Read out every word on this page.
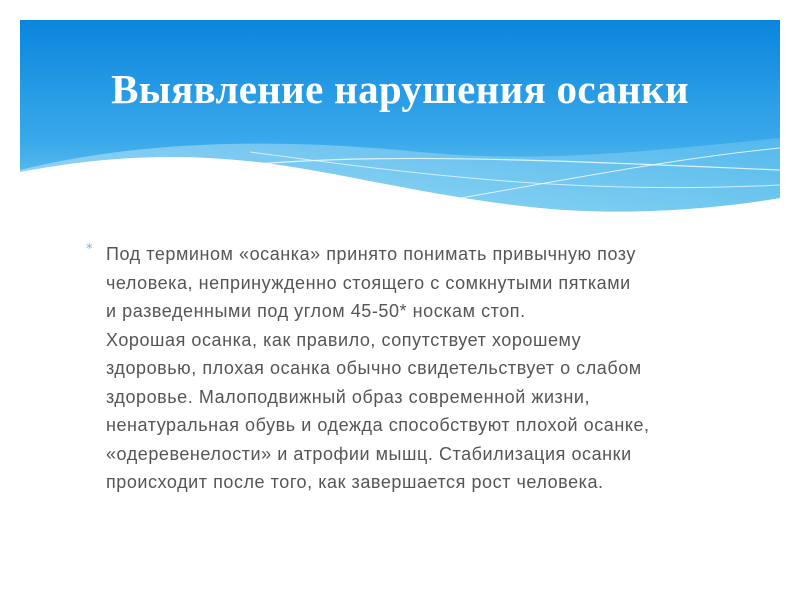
Выявление нарушения осанки
* Под термином «осанка» принято понимать привычную позу
человека, непринужденно стоящего с сомкнутыми пятками
и разведенными под углом 45-50* носкам стоп.
Хорошая осанка, как правило, сопутствует хорошему
здоровью, плохая осанка обычно свидетельствует о слабом
здоровье. Малоподвижный образ современной жизни,
ненатуральная обувь и одежда способствуют плохой осанке,
«одеревенелости» и атрофии мышц. Стабилизация осанки
происходит после того, как завершается рост человека.
